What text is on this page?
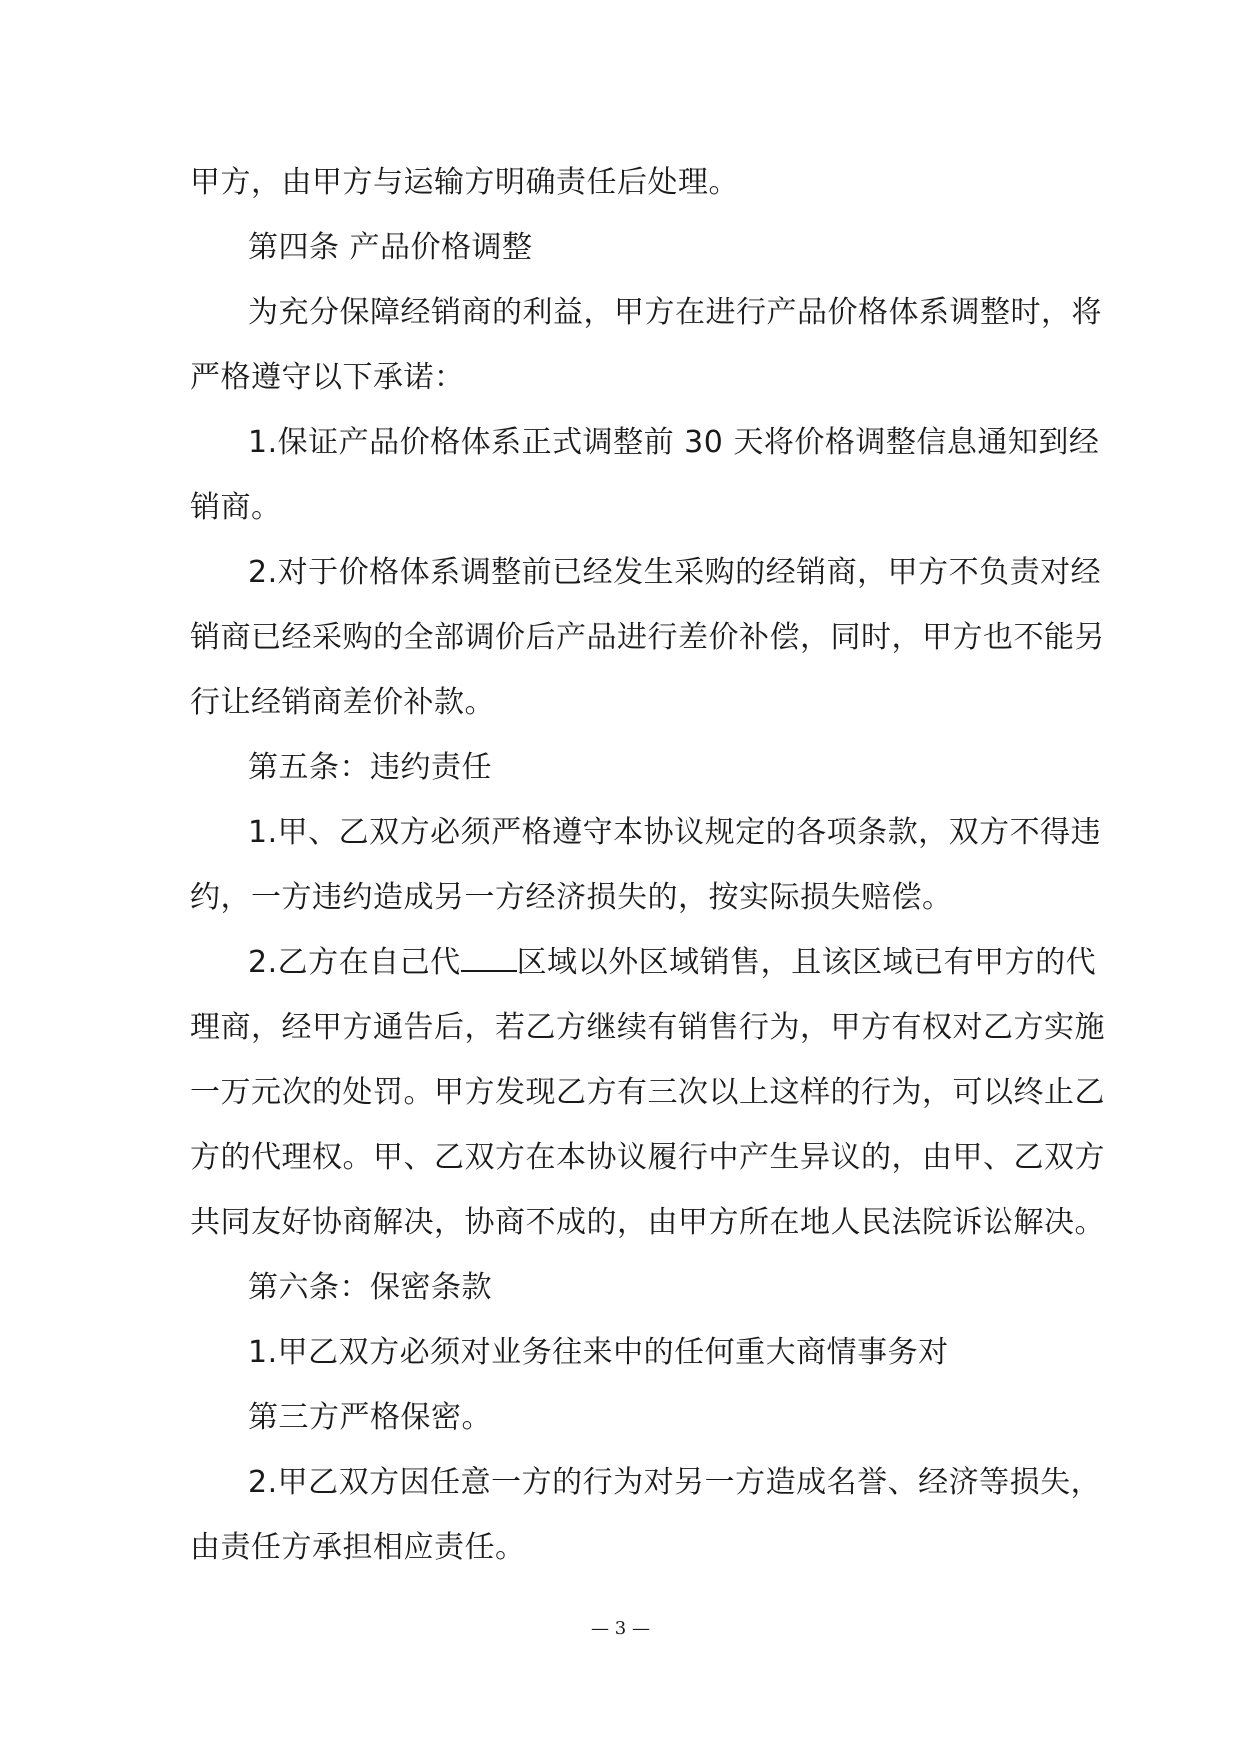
甲方，由甲方与运输方明确责任后处理。
第四条 产品价格调整
为充分保障经销商的利益，甲方在进行产品价格体系调整时，将
严格遵守以下承诺：
1.保证产品价格体系正式调整前 30 天将价格调整信息通知到经
销商。
2.对于价格体系调整前已经发生采购的经销商，甲方不负责对经
销商已经采购的全部调价后产品进行差价补偿，同时，甲方也不能另
行让经销商差价补款。
第五条：违约责任
1.甲、乙双方必须严格遵守本协议规定的各项条款，双方不得违
约，一方违约造成另一方经济损失的，按实际损失赔偿。
2.乙方在自己代 区域以外区域销售，且该区域已有甲方的代
理商，经甲方通告后，若乙方继续有销售行为，甲方有权对乙方实施
一万元次的处罚。甲方发现乙方有三次以上这样的行为，可以终止乙
方的代理权。甲、乙双方在本协议履行中产生异议的，由甲、乙双方
共同友好协商解决，协商不成的，由甲方所在地人民法院诉讼解决。
第六条：保密条款
1.甲乙双方必须对业务往来中的任何重大商情事务对
第三方严格保密。
2.甲乙双方因任意一方的行为对另一方造成名誉、经济等损失，
由责任方承担相应责任。
— 3 —
